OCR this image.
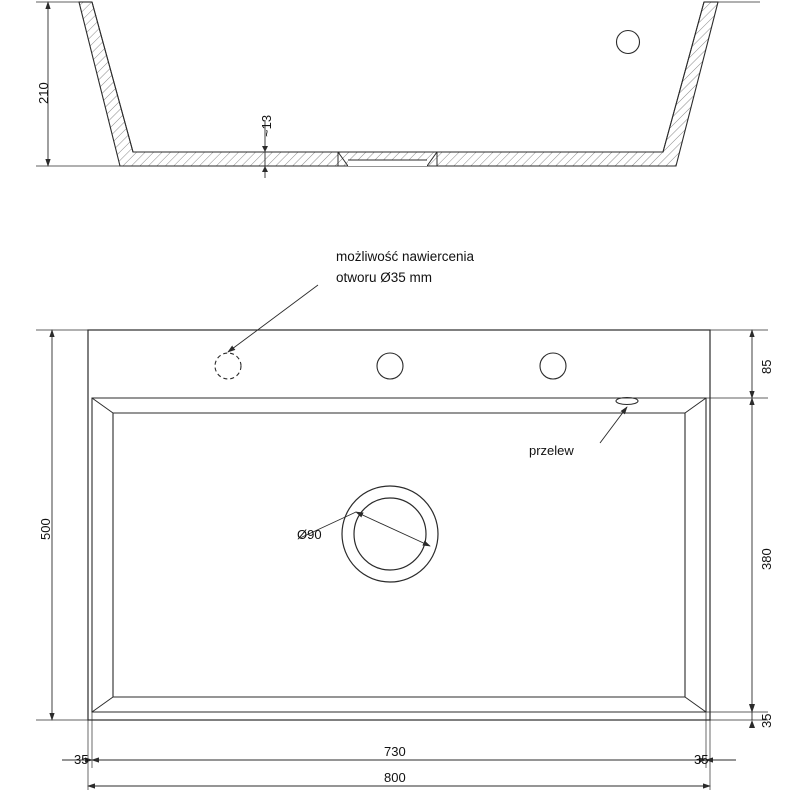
210
~13
możliwość nawiercenia
otworu Ø35 mm
przelew
Ø90
85
380
35
500
35
730
35
800
